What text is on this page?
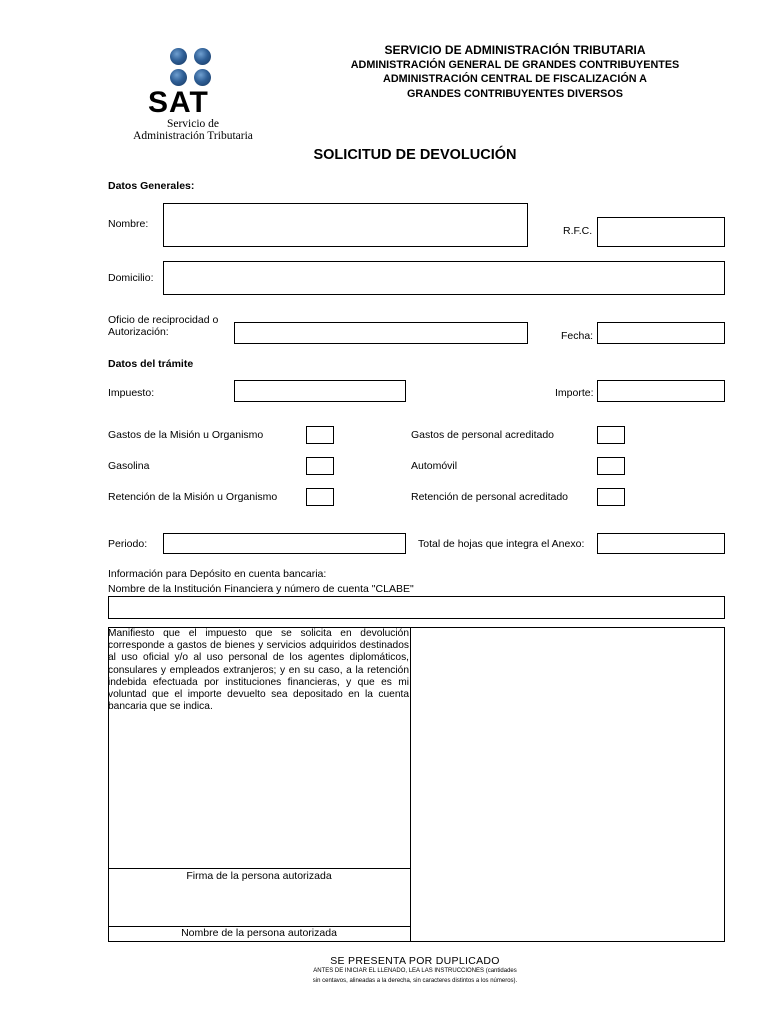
SAT
Servicio de
Administración Tributaria
SERVICIO DE ADMINISTRACIÓN TRIBUTARIA
ADMINISTRACIÓN GENERAL DE GRANDES CONTRIBUYENTES
ADMINISTRACIÓN CENTRAL DE FISCALIZACIÓN A
GRANDES CONTRIBUYENTES DIVERSOS
SOLICITUD DE DEVOLUCIÓN
Datos Generales:
Nombre:
R.F.C.
Domicilio:
Oficio de reciprocidad o
Autorización:	Fecha:
Datos del trámite
Impuesto:	Importe:
Gastos de la Misión u Organismo	Gastos de personal acreditado
Gasolina	Automóvil
Retención de la Misión u Organismo	Retención de personal acreditado
Periodo:	Total de hojas que integra el Anexo:
Información para Depósito en cuenta bancaria:
Nombre de la Institución Financiera y número de cuenta "CLABE"
Manifiesto que el impuesto que se solicita en devolución corresponde a gastos de bienes y servicios adquiridos destinados al uso oficial y/o al uso personal de los agentes diplomáticos, consulares y empleados extranjeros; y en su caso, a la retención indebida efectuada por instituciones financieras, y que es mi voluntad que el importe devuelto sea depositado en la cuenta bancaria que se indica.
Firma de la persona autorizada
Nombre de la persona autorizada
SE PRESENTA POR DUPLICADO
ANTES DE INICIAR EL LLENADO, LEA LAS INSTRUCCIONES (cantidades
sin centavos, alineadas a la derecha, sin caracteres distintos a los números).
